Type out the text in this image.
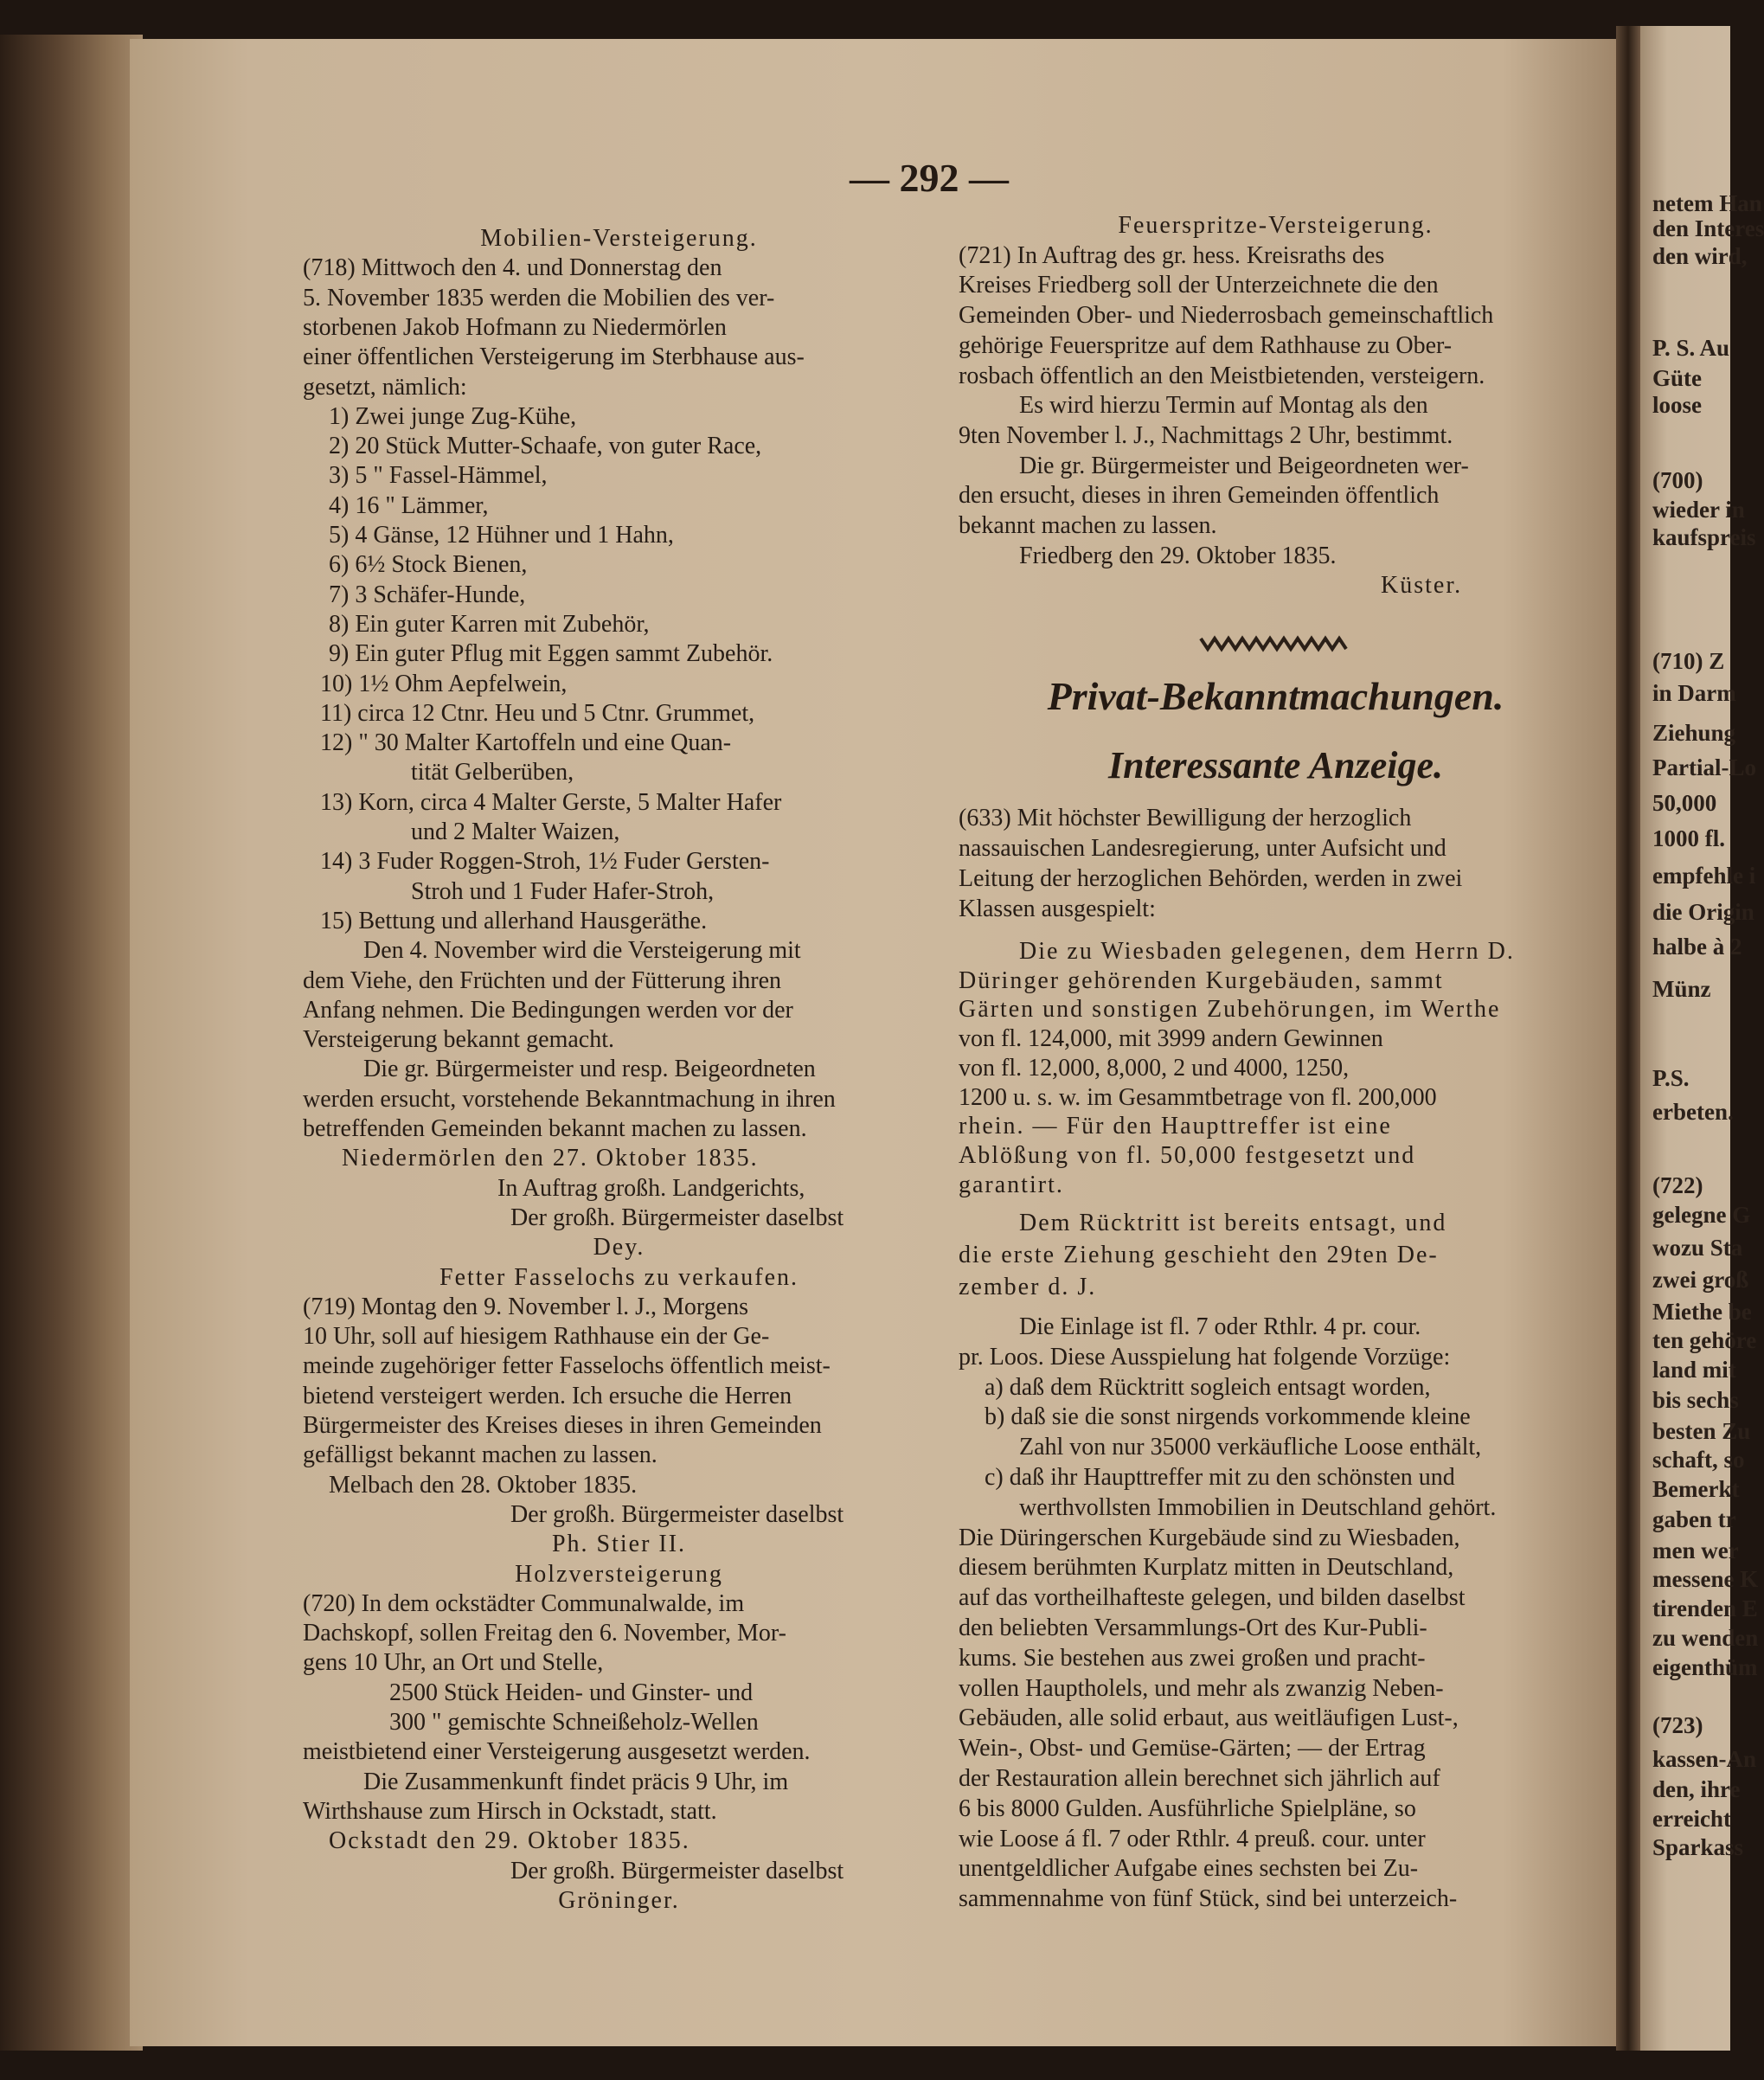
netem Han
den Interes
den wird,
P. S. Au
Güte
loose
(700)
wieder in
kaufspreis
(710) Z
in Darm
Ziehung
Partial-Lo
50,000
1000 fl.
empfehle i
die Origin
halbe à 2
Münz
P.S.
erbeten.
(722)
gelegne G
wozu Sta
zwei groß
Miethe be
ten gehöre
land mit
bis sechs
besten Zu
schaft, so
Bemerkt
gaben tr
men wer
messene K
tirenden E
zu wenden
eigenthüm
(723)
kassen-An
den, ihre
erreicht
Sparkass
— 292 —
Mobilien-Versteigerung.
(718) Mittwoch den 4. und Donnerstag den
5. November 1835 werden die Mobilien des ver-
storbenen Jakob Hofmann zu Niedermörlen
einer öffentlichen Versteigerung im Sterbhause aus-
gesetzt, nämlich:
1) Zwei junge Zug-Kühe,
2) 20 Stück Mutter-Schaafe, von guter Race,
3) 5 " Fassel-Hämmel,
4) 16 " Lämmer,
5) 4 Gänse, 12 Hühner und 1 Hahn,
6) 6½ Stock Bienen,
7) 3 Schäfer-Hunde,
8) Ein guter Karren mit Zubehör,
9) Ein guter Pflug mit Eggen sammt Zubehör.
10) 1½ Ohm Aepfelwein,
11) circa 12 Ctnr. Heu und 5 Ctnr. Grummet,
12) " 30 Malter Kartoffeln und eine Quan-
tität Gelberüben,
13) Korn, circa 4 Malter Gerste, 5 Malter Hafer
und 2 Malter Waizen,
14) 3 Fuder Roggen-Stroh, 1½ Fuder Gersten-
Stroh und 1 Fuder Hafer-Stroh,
15) Bettung und allerhand Hausgeräthe.
Den 4. November wird die Versteigerung mit
dem Viehe, den Früchten und der Fütterung ihren
Anfang nehmen. Die Bedingungen werden vor der
Versteigerung bekannt gemacht.
Die gr. Bürgermeister und resp. Beigeordneten
werden ersucht, vorstehende Bekanntmachung in ihren
betreffenden Gemeinden bekannt machen zu lassen.
Niedermörlen den 27. Oktober 1835.
In Auftrag großh. Landgerichts,
Der großh. Bürgermeister daselbst
Dey.
Fetter Fasselochs zu verkaufen.
(719) Montag den 9. November l. J., Morgens
10 Uhr, soll auf hiesigem Rathhause ein der Ge-
meinde zugehöriger fetter Fasselochs öffentlich meist-
bietend versteigert werden. Ich ersuche die Herren
Bürgermeister des Kreises dieses in ihren Gemeinden
gefälligst bekannt machen zu lassen.
Melbach den 28. Oktober 1835.
Der großh. Bürgermeister daselbst
Ph. Stier II.
Holzversteigerung
(720) In dem ockstädter Communalwalde, im
Dachskopf, sollen Freitag den 6. November, Mor-
gens 10 Uhr, an Ort und Stelle,
2500 Stück Heiden- und Ginster- und
300 " gemischte Schneißeholz-Wellen
meistbietend einer Versteigerung ausgesetzt werden.
Die Zusammenkunft findet präcis 9 Uhr, im
Wirthshause zum Hirsch in Ockstadt, statt.
Ockstadt den 29. Oktober 1835.
Der großh. Bürgermeister daselbst
Gröninger.
Feuerspritze-Versteigerung.
(721) In Auftrag des gr. hess. Kreisraths des
Kreises Friedberg soll der Unterzeichnete die den
Gemeinden Ober- und Niederrosbach gemeinschaftlich
gehörige Feuerspritze auf dem Rathhause zu Ober-
rosbach öffentlich an den Meistbietenden, versteigern.
Es wird hierzu Termin auf Montag als den
9ten November l. J., Nachmittags 2 Uhr, bestimmt.
Die gr. Bürgermeister und Beigeordneten wer-
den ersucht, dieses in ihren Gemeinden öffentlich
bekannt machen zu lassen.
Friedberg den 29. Oktober 1835.
Küster.
(633) Mit höchster Bewilligung der herzoglich
nassauischen Landesregierung, unter Aufsicht und
Leitung der herzoglichen Behörden, werden in zwei
Klassen ausgespielt:
Die zu Wiesbaden gelegenen, dem Herrn D.
Düringer gehörenden Kurgebäuden, sammt
Gärten und sonstigen Zubehörungen, im Werthe
von fl. 124,000, mit 3999 andern Gewinnen
von fl. 12,000, 8,000, 2 und 4000, 1250,
1200 u. s. w. im Gesammtbetrage von fl. 200,000
rhein. — Für den Haupttreffer ist eine
Ablößung von fl. 50,000 festgesetzt und
garantirt.
Dem Rücktritt ist bereits entsagt, und
die erste Ziehung geschieht den 29ten De-
zember d. J.
Die Einlage ist fl. 7 oder Rthlr. 4 pr. cour.
pr. Loos. Diese Ausspielung hat folgende Vorzüge:
a) daß dem Rücktritt sogleich entsagt worden,
b) daß sie die sonst nirgends vorkommende kleine
Zahl von nur 35000 verkäufliche Loose enthält,
c) daß ihr Haupttreffer mit zu den schönsten und
werthvollsten Immobilien in Deutschland gehört.
Die Düringerschen Kurgebäude sind zu Wiesbaden,
diesem berühmten Kurplatz mitten in Deutschland,
auf das vortheilhafteste gelegen, und bilden daselbst
den beliebten Versammlungs-Ort des Kur-Publi-
kums. Sie bestehen aus zwei großen und pracht-
vollen Hauptholels, und mehr als zwanzig Neben-
Gebäuden, alle solid erbaut, aus weitläufigen Lust-,
Wein-, Obst- und Gemüse-Gärten; — der Ertrag
der Restauration allein berechnet sich jährlich auf
6 bis 8000 Gulden. Ausführliche Spielpläne, so
wie Loose á fl. 7 oder Rthlr. 4 preuß. cour. unter
unentgeldlicher Aufgabe eines sechsten bei Zu-
sammennahme von fünf Stück, sind bei unterzeich-
Privat-Bekanntmachungen.
Interessante Anzeige.
